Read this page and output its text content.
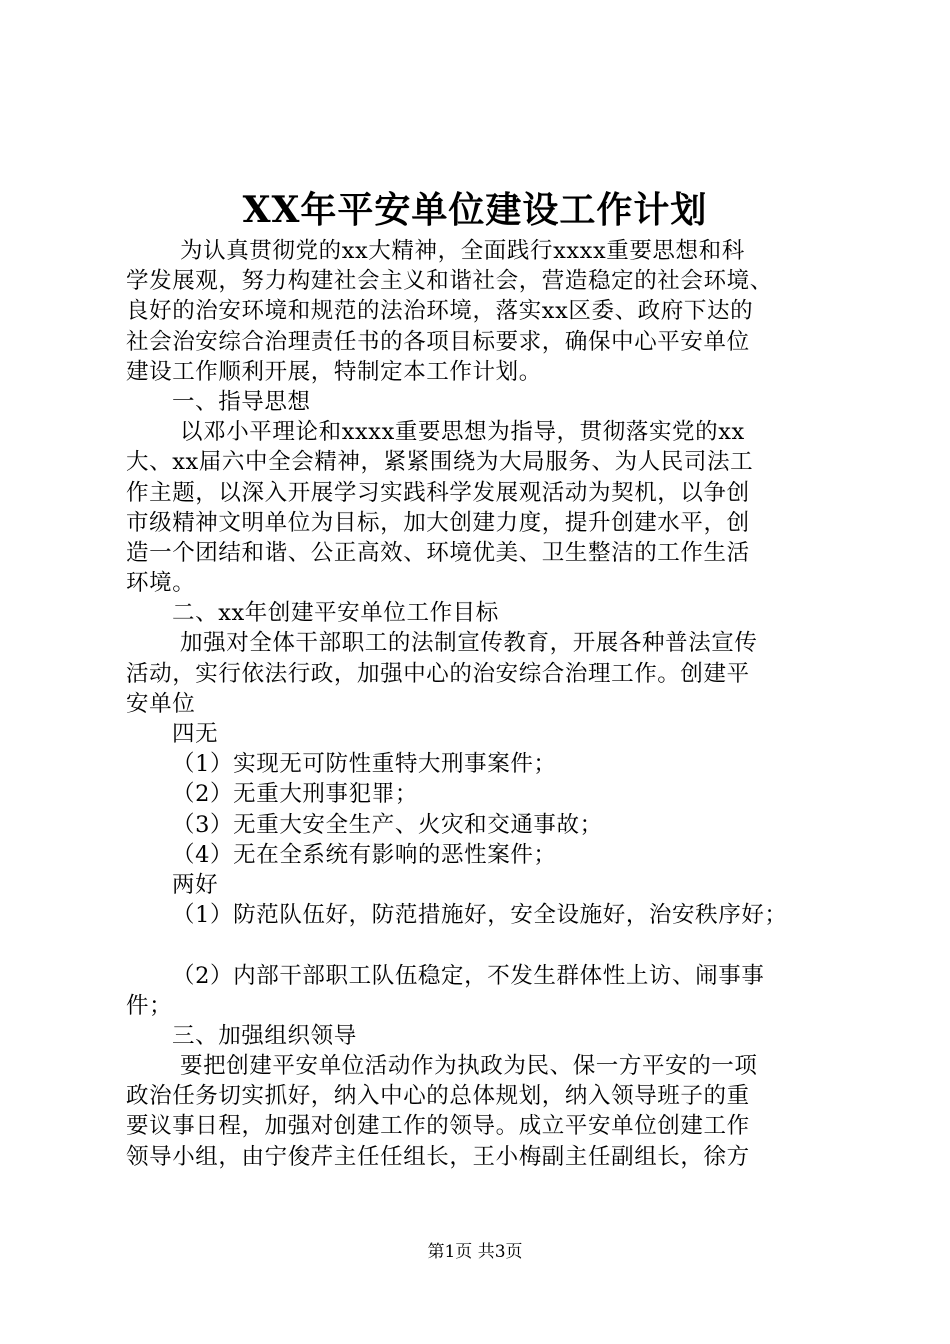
XX年平安单位建设工作计划
为认真贯彻党的xx大精神，全面践行xxxx重要思想和科
学发展观，努力构建社会主义和谐社会，营造稳定的社会环境、
良好的治安环境和规范的法治环境，落实xx区委、政府下达的
社会治安综合治理责任书的各项目标要求，确保中心平安单位
建设工作顺利开展，特制定本工作计划。
一、指导思想
以邓小平理论和xxxx重要思想为指导，贯彻落实党的xx
大、xx届六中全会精神，紧紧围绕为大局服务、为人民司法工
作主题，以深入开展学习实践科学发展观活动为契机，以争创
市级精神文明单位为目标，加大创建力度，提升创建水平，创
造一个团结和谐、公正高效、环境优美、卫生整洁的工作生活
环境。
二、xx年创建平安单位工作目标
加强对全体干部职工的法制宣传教育，开展各种普法宣传
活动，实行依法行政，加强中心的治安综合治理工作。创建平
安单位
四无
（1）实现无可防性重特大刑事案件；
（2）无重大刑事犯罪；
（3）无重大安全生产、火灾和交通事故；
（4）无在全系统有影响的恶性案件；
两好
（1）防范队伍好，防范措施好，安全设施好，治安秩序好；
（2）内部干部职工队伍稳定，不发生群体性上访、闹事事
件；
三、加强组织领导
要把创建平安单位活动作为执政为民、保一方平安的一项
政治任务切实抓好，纳入中心的总体规划，纳入领导班子的重
要议事日程，加强对创建工作的领导。成立平安单位创建工作
领导小组，由宁俊芹主任任组长，王小梅副主任副组长，徐方
第1页 共3页
